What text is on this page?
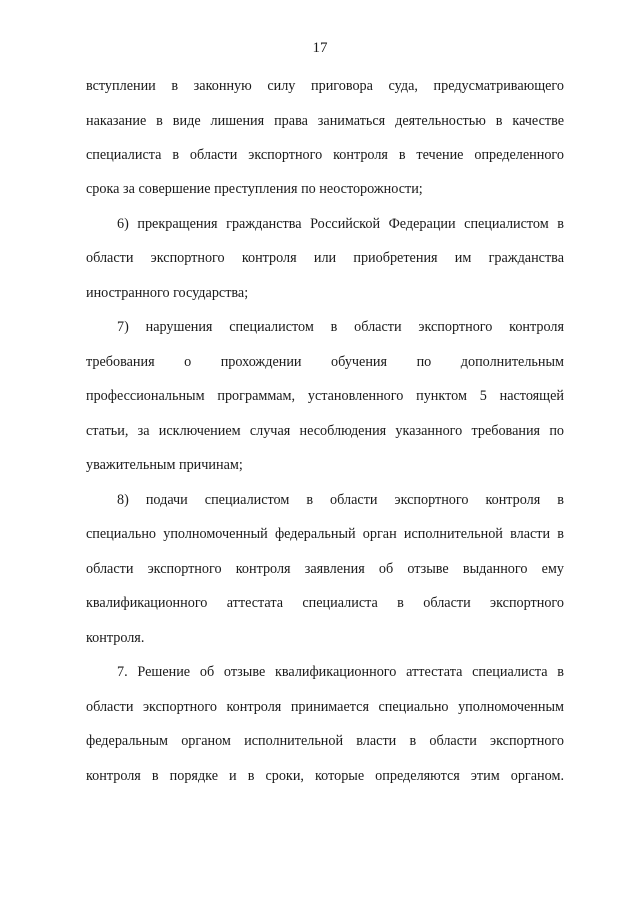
17
вступлении в законную силу приговора суда, предусматривающего
наказание в виде лишения права заниматься деятельностью в качестве
специалиста в области экспортного контроля в течение определенного
срока за совершение преступления по неосторожности;
6) прекращения гражданства Российской Федерации специалистом в
области экспортного контроля или приобретения им гражданства
иностранного государства;
7) нарушения специалистом в области экспортного контроля
требования о прохождении обучения по дополнительным
профессиональным программам, установленного пунктом 5 настоящей
статьи, за исключением случая несоблюдения указанного требования по
уважительным причинам;
8) подачи специалистом в области экспортного контроля в
специально уполномоченный федеральный орган исполнительной власти в
области экспортного контроля заявления об отзыве выданного ему
квалификационного аттестата специалиста в области экспортного
контроля.
7. Решение об отзыве квалификационного аттестата специалиста в
области экспортного контроля принимается специально уполномоченным
федеральным органом исполнительной власти в области экспортного
контроля в порядке и в сроки, которые определяются этим органом.
